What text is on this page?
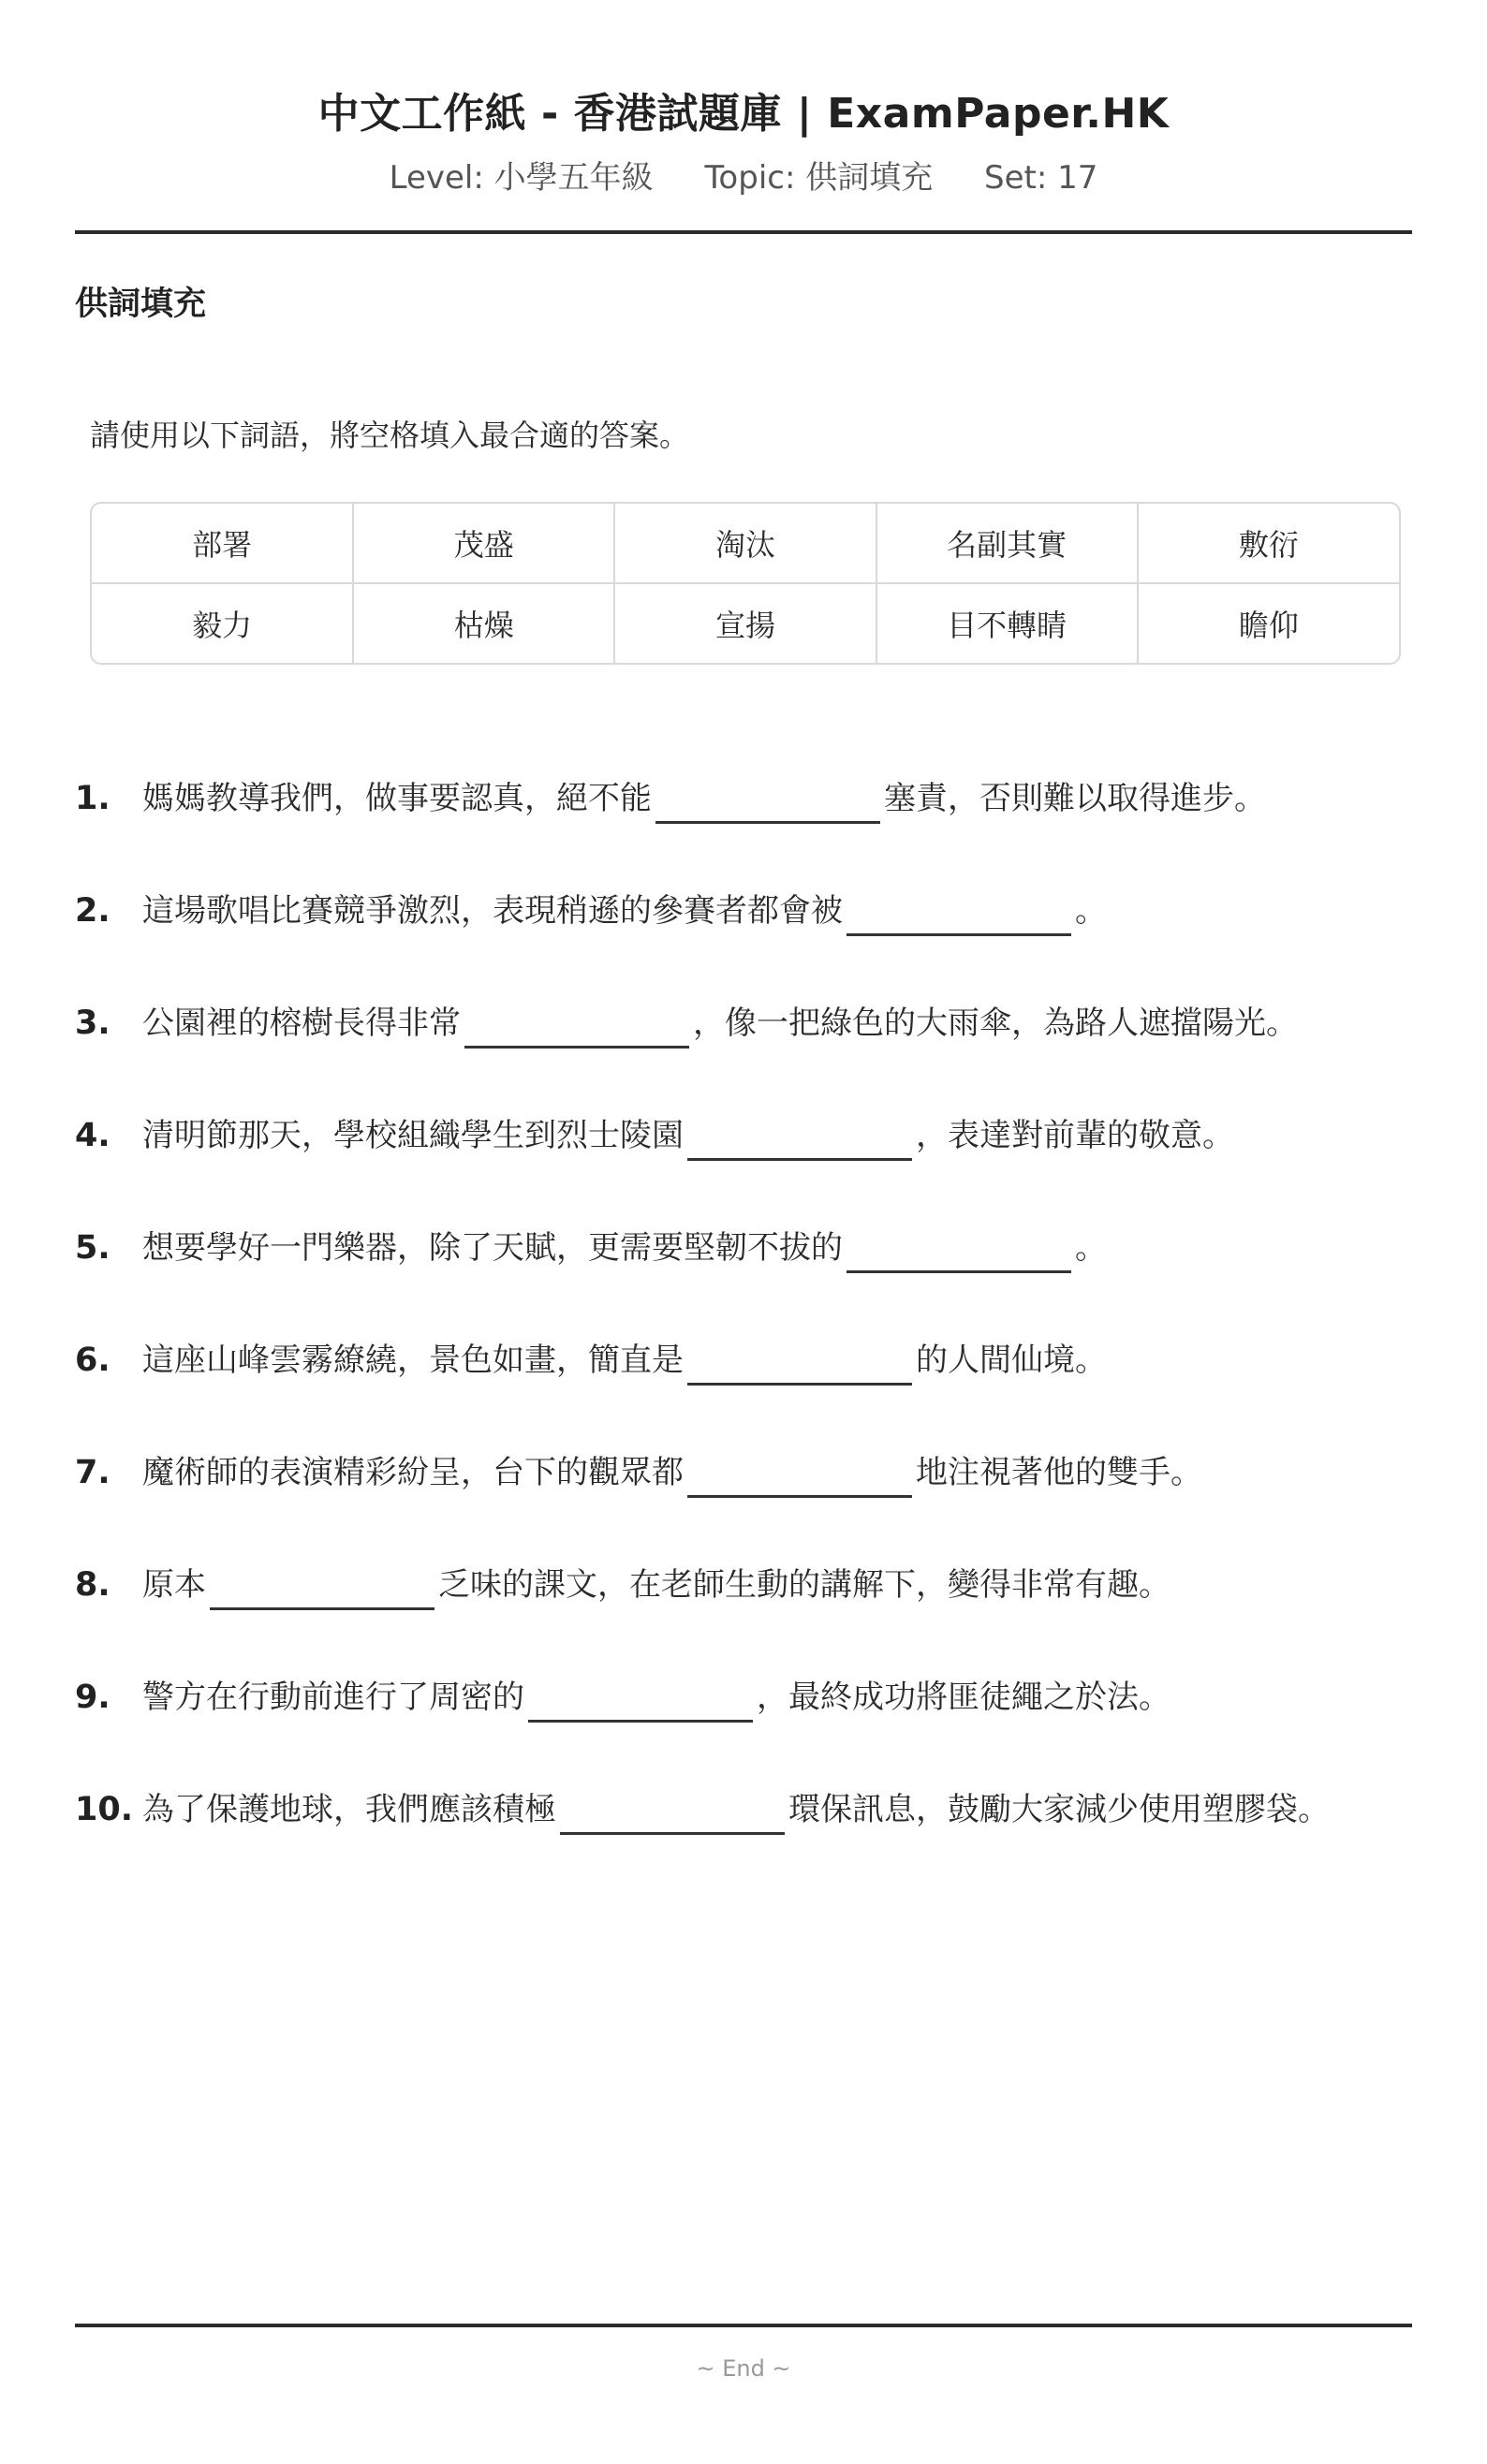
中文工作紙 - 香港試題庫 | ExamPaper.HK
Level: 小學五年級 Topic: 供詞填充 Set: 17
供詞填充
請使用以下詞語，將空格填入最合適的答案。
部署	茂盛	淘汰	名副其實	敷衍
毅力	枯燥	宣揚	目不轉睛	瞻仰
1. 媽媽教導我們，做事要認真，絕不能	塞責，否則難以取得進步。
2. 這場歌唱比賽競爭激烈，表現稍遜的參賽者都會被	。
3. 公園裡的榕樹長得非常	，像一把綠色的大雨傘，為路人遮擋陽光。
4. 清明節那天，學校組織學生到烈士陵園	，表達對前輩的敬意。
5. 想要學好一門樂器，除了天賦，更需要堅韌不拔的	。
6. 這座山峰雲霧繚繞，景色如畫，簡直是	的人間仙境。
7. 魔術師的表演精彩紛呈，台下的觀眾都	地注視著他的雙手。
8. 原本	乏味的課文，在老師生動的講解下，變得非常有趣。
9. 警方在行動前進行了周密的	，最終成功將匪徒繩之於法。
10. 為了保護地球，我們應該積極	環保訊息，鼓勵大家減少使用塑膠袋。
~ End ~
